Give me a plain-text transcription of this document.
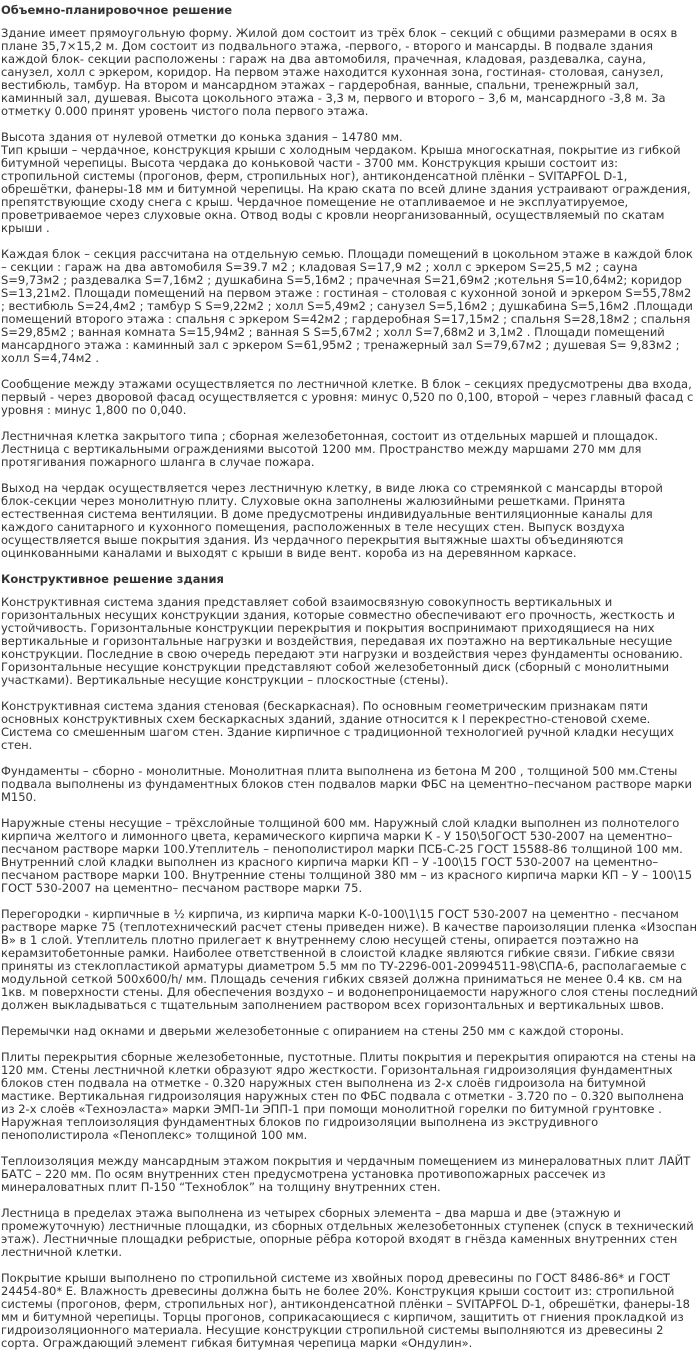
Объемно-планировочное решение

Здание имеет прямоугольную форму. Жилой дом состоит из трёх блок – секций с общими размерами в осях в плане 35,7×15,2 м. Дом состоит из подвального этажа, -первого, - второго и мансарды. В подвале здания каждой блок- секции расположены : гараж на два автомобиля, прачечная, кладовая, раздевалка, сауна, санузел, холл с эркером, коридор. На первом этаже находится кухонная зона, гостиная- столовая, санузел, вестибюль, тамбур. На втором и мансардном этажах – гардеробная, ванные, спальни, тренежрный зал, каминный зал, душевая. Высота цокольного этажа - 3,3 м, первого и второго – 3,6 м, мансардного -3,8 м. За отметку 0.000 принят уровень чистого пола первого этажа.

Высота здания от нулевой отметки до конька здания – 14780 мм.
Тип крыши – чердачное, конструкция крыши с холодным чердаком. Крыша многоскатная, покрытие из гибкой битумной черепицы. Высота чердака до коньковой части - 3700 мм. Конструкция крыши состоит из: стропильной системы (прогонов, ферм, стропильных ног), антиконденсатной плёнки – SVITAPFOL D-1, обрешётки, фанеры-18 мм и битумной черепицы. На краю ската по всей длине здания устраивают ограждения, препятствующие сходу снега с крыш. Чердачное помещение не отапливаемое и не эксплуатируемое, проветриваемое через слуховые окна. Отвод воды с кровли неорганизованный, осуществляемый по скатам крыши .

Каждая блок – секция рассчитана на отдельную семью. Площади помещений в цокольном этаже в каждой блок – секции : гараж на два автомобиля S=39.7 м2 ; кладовая S=17,9 м2 ; холл с эркером S=25,5 м2 ; сауна S=9,73м2 ; раздевалка S=7,16м2 ; душкабина S=5,16м2 ; прачечная S=21,69м2 ;котельня S=10,64м2; коридор S=13,21м2. Площади помещений на первом этаже : гостиная – столовая с кухонной зоной и эркером S=55,78м2 ; вестибюль S=24,4м2 ; тамбур S S=9,22м2 ; холл S=5,49м2 ; санузел S=5,16м2 ; душкабина S=5,16м2 .Площади помещений второго этажа : спальня с эркером S=42м2 ; гардеробная S=17,15м2 ; спальня S=28,18м2 ; спальня S=29,85м2 ; ванная комната S=15,94м2 ; ванная S S=5,67м2 ; холл S=7,68м2 и 3,1м2 . Площади помещений мансардного этажа : каминный зал с эркером S=61,95м2 ; тренажерный зал S=79,67м2 ; душевая S= 9,83м2 ; холл S=4,74м2 .

Сообщение между этажами осуществляется по лестничной клетке. В блок – секциях предусмотрены два входа, первый - через дворовой фасад осуществляется с уровня: минус 0,520 по 0,100, второй – через главный фасад с уровня : минус 1,800 по 0,040.

Лестничная клетка закрытого типа ; сборная железобетонная, состоит из отдельных маршей и площадок. Лестница с вертикальными ограждениями высотой 1200 мм. Пространство между маршами 270 мм для протягивания пожарного шланга в случае пожара.

Выход на чердак осуществляется через лестничную клетку, в виде люка со стремянкой с мансарды второй блок-секции через монолитную плиту. Слуховые окна заполнены жалюзийными решетками. Принята естественная система вентиляции. В доме предусмотрены индивидуальные вентиляционные каналы для каждого санитарного и кухонного помещения, расположенных в теле несущих стен. Выпуск воздуха осуществляется выше покрытия здания. Из чердачного перекрытия вытяжные шахты объединяются оцинкованными каналами и выходят с крыши в виде вент. короба из на деревянном каркасе.

Конструктивное решение здания

Конструктивная система здания представляет собой взаимосвязную совокупность вертикальных и горизонтальных несущих конструкции здания, которые совместно обеспечивают его прочность, жесткость и устойчивость. Горизонтальные конструкции перекрытия и покрытия воспринимают приходящиеся на них вертикальные и горизонтальные нагрузки и воздействия, передавая их поэтажно на вертикальные несущие конструкции. Последние в свою очередь передают эти нагрузки и воздействия через фундаменты основанию. Горизонтальные несущие конструкции представляют собой железобетонный диск (сборный с монолитными участками). Вертикальные несущие конструкции – плоскостные (стены).

Конструктивная система здания стеновая (бескаркасная). По основным геометрическим признакам пяти основных конструктивных схем бескаркасных зданий, здание относится к I перекрестно-стеновой схеме. Система со смешенным шагом стен. Здание кирпичное с традиционной технологией ручной кладки несущих стен.

Фундаменты – сборно - монолитные. Монолитная плита выполнена из бетона М 200 , толщиной 500 мм.Стены подвала выполнены из фундаментных блоков стен подвалов марки ФБС на цементно–песчаном растворе марки М150.

Наружные стены несущие – трёхслойные толщиной 600 мм. Наружный слой кладки выполнен из полнотелого кирпича желтого и лимонного цвета, керамического кирпича марки К - У 150\50ГОСТ 530-2007 на цементно–песчаном растворе марки 100.Утеплитель – пенополистирол марки ПСБ-С-25 ГОСТ 15588-86 толщиной 100 мм. Внутренний слой кладки выполнен из красного кирпича марки КП – У -100\15 ГОСТ 530-2007 на цементно–песчаном растворе марки 100. Внутренние стены толщиной 380 мм – из красного кирпича марки КП – У – 100\15 ГОСТ 530-2007 на цементно– песчаном растворе марки 75.

Перегородки - кирпичные в ½ кирпича, из кирпича марки К-0-100\1\15 ГОСТ 530-2007 на цементно - песчаном растворе марке 75 (теплотехнический расчет стены приведен ниже). В качестве пароизоляции пленка «Изоспан В» в 1 слой. Утеплитель плотно прилегает к внутреннему слою несущей стены, опирается поэтажно на керамзитобетонные рамки. Наиболее ответственной в слоистой кладке являются гибкие связи. Гибкие связи приняты из стеклопластикой арматуры диаметром 5.5 мм по ТУ-2296-001-20994511-98\СПА-6, располагаемые с модульной сеткой 500х600/h/ мм. Площадь сечения гибких связей должна приниматься не менее 0.4 кв. см на 1кв. м поверхности стены. Для обеспечения воздухо – и водонепроницаемости наружного слоя стены последний должен выкладываться с тщательным заполнением раствором всех горизонтальных и вертикальных швов.

Перемычки над окнами и дверьми железобетонные с опиранием на стены 250 мм с каждой стороны.

Плиты перекрытия сборные железобетонные, пустотные. Плиты покрытия и перекрытия опираются на стены на 120 мм. Стены лестничной клетки образуют ядро жесткости. Горизонтальная гидроизоляция фундаментных блоков стен подвала на отметке - 0.320 наружных стен выполнена из 2-х слоёв гидроизола на битумной мастике. Вертикальная гидроизоляция наружных стен по ФБС подвала с отметки - 3.720 по – 0.320 выполнена из 2-х слоёв «Техноэласта» марки ЭМП-1и ЭПП-1 при помощи монолитной горелки по битумной грунтовке . Наружная теплоизоляция фундаментных блоков по гидроизоляции выполнена из экструдивного пенополистирола «Пеноплекс» толщиной 100 мм.

Теплоизоляция между мансардным этажом покрытия и чердачным помещением из минераловатных плит ЛАЙТ БАТС – 220 мм. По осям внутренних стен предусмотрена установка противопожарных рассечек из минераловатных плит П-150 “Технoблок” на толщину внутренних стен.

Лестница в пределах этажа выполнена из четырех сборных элемента – два марша и две (этажную и промежуточную) лестничные площадки, из сборных отдельных железобетонных ступенек (спуск в технический этаж). Лестничные площадки ребристые, опорные рёбра которой входят в гнёзда каменных внутренних стен лестничной клетки.

Покрытие крыши выполнено по стропильной системе из хвойных пород древесины по ГОСТ 8486-86* и ГОСТ 24454-80* Е. Влажность древесины должна быть не более 20%. Конструкция крыши состоит из: стропильной системы (прогонов, ферм, стропильных ног), антиконденсатной плёнки – SVITAPFOL D-1, обрешётки, фанеры-18 мм и битумной черепицы. Торцы прогонов, соприкасающиеся с кирпичом, защитить от гниения прокладкой из гидроизоляционного материала. Несущие конструкции стропильной системы выполняются из древесины 2 сорта. Ограждающий элемент гибкая битумная черепица марки «Ондулин».
